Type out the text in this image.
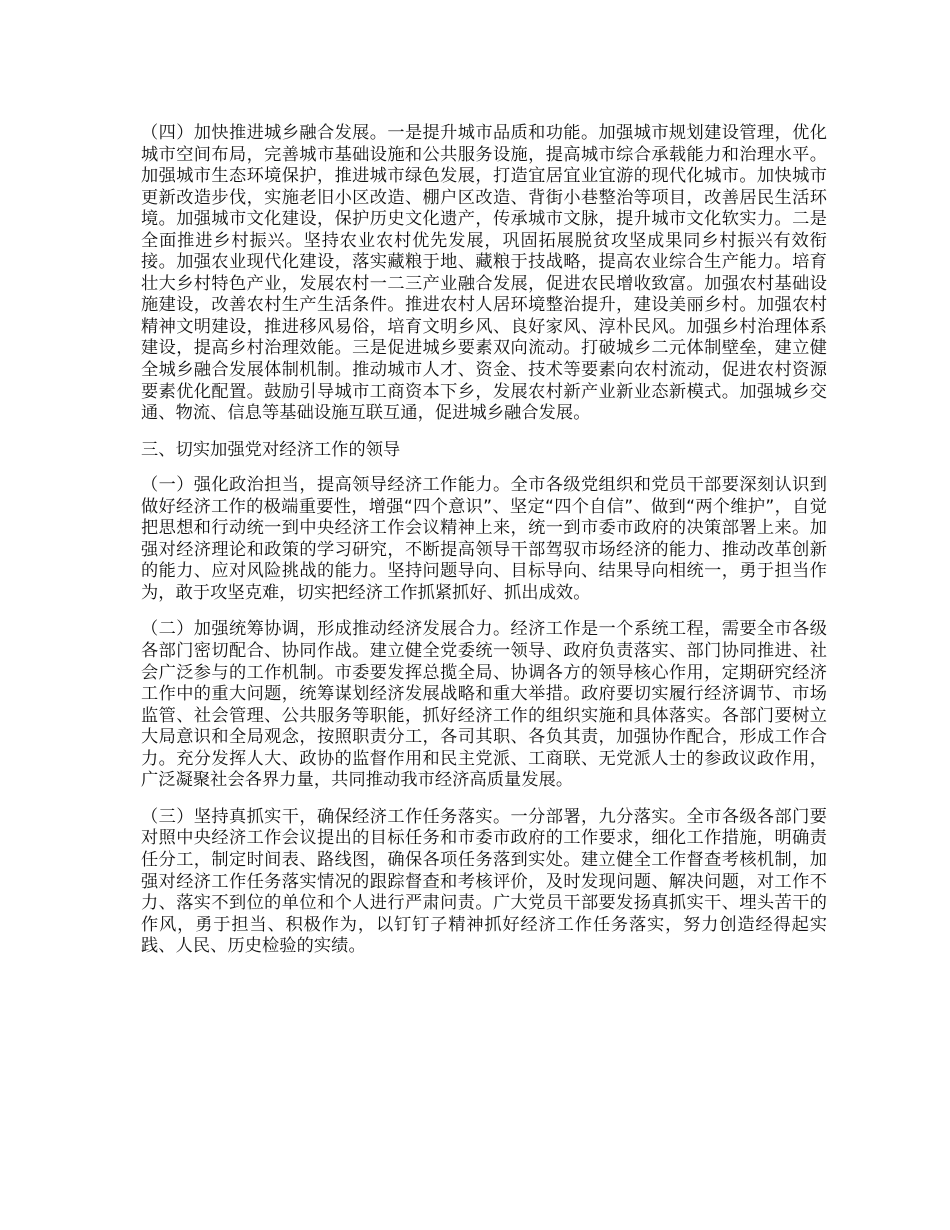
（四）加快推进城乡融合发展。一是提升城市品质和功能。加强城市规划建设管理，优化城市空间布局，完善城市基础设施和公共服务设施，提高城市综合承载能力和治理水平。加强城市生态环境保护，推进城市绿色发展，打造宜居宜业宜游的现代化城市。加快城市更新改造步伐，实施老旧小区改造、棚户区改造、背街小巷整治等项目，改善居民生活环境。加强城市文化建设，保护历史文化遗产，传承城市文脉，提升城市文化软实力。二是全面推进乡村振兴。坚持农业农村优先发展，巩固拓展脱贫攻坚成果同乡村振兴有效衔接。加强农业现代化建设，落实藏粮于地、藏粮于技战略，提高农业综合生产能力。培育壮大乡村特色产业，发展农村一二三产业融合发展，促进农民增收致富。加强农村基础设施建设，改善农村生产生活条件。推进农村人居环境整治提升，建设美丽乡村。加强农村精神文明建设，推进移风易俗，培育文明乡风、良好家风、淳朴民风。加强乡村治理体系建设，提高乡村治理效能。三是促进城乡要素双向流动。打破城乡二元体制壁垒，建立健全城乡融合发展体制机制。推动城市人才、资金、技术等要素向农村流动，促进农村资源要素优化配置。鼓励引导城市工商资本下乡，发展农村新产业新业态新模式。加强城乡交通、物流、信息等基础设施互联互通，促进城乡融合发展。

三、切实加强党对经济工作的领导

（一）强化政治担当，提高领导经济工作能力。全市各级党组织和党员干部要深刻认识到做好经济工作的极端重要性，增强“四个意识”、坚定“四个自信”、做到“两个维护”，自觉把思想和行动统一到中央经济工作会议精神上来，统一到市委市政府的决策部署上来。加强对经济理论和政策的学习研究，不断提高领导干部驾驭市场经济的能力、推动改革创新的能力、应对风险挑战的能力。坚持问题导向、目标导向、结果导向相统一，勇于担当作为，敢于攻坚克难，切实把经济工作抓紧抓好、抓出成效。

（二）加强统筹协调，形成推动经济发展合力。经济工作是一个系统工程，需要全市各级各部门密切配合、协同作战。建立健全党委统一领导、政府负责落实、部门协同推进、社会广泛参与的工作机制。市委要发挥总揽全局、协调各方的领导核心作用，定期研究经济工作中的重大问题，统筹谋划经济发展战略和重大举措。政府要切实履行经济调节、市场监管、社会管理、公共服务等职能，抓好经济工作的组织实施和具体落实。各部门要树立大局意识和全局观念，按照职责分工，各司其职、各负其责，加强协作配合，形成工作合力。充分发挥人大、政协的监督作用和民主党派、工商联、无党派人士的参政议政作用，广泛凝聚社会各界力量，共同推动我市经济高质量发展。

（三）坚持真抓实干，确保经济工作任务落实。一分部署，九分落实。全市各级各部门要对照中央经济工作会议提出的目标任务和市委市政府的工作要求，细化工作措施，明确责任分工，制定时间表、路线图，确保各项任务落到实处。建立健全工作督查考核机制，加强对经济工作任务落实情况的跟踪督查和考核评价，及时发现问题、解决问题，对工作不力、落实不到位的单位和个人进行严肃问责。广大党员干部要发扬真抓实干、埋头苦干的作风，勇于担当、积极作为，以钉钉子精神抓好经济工作任务落实，努力创造经得起实践、人民、历史检验的实绩。
